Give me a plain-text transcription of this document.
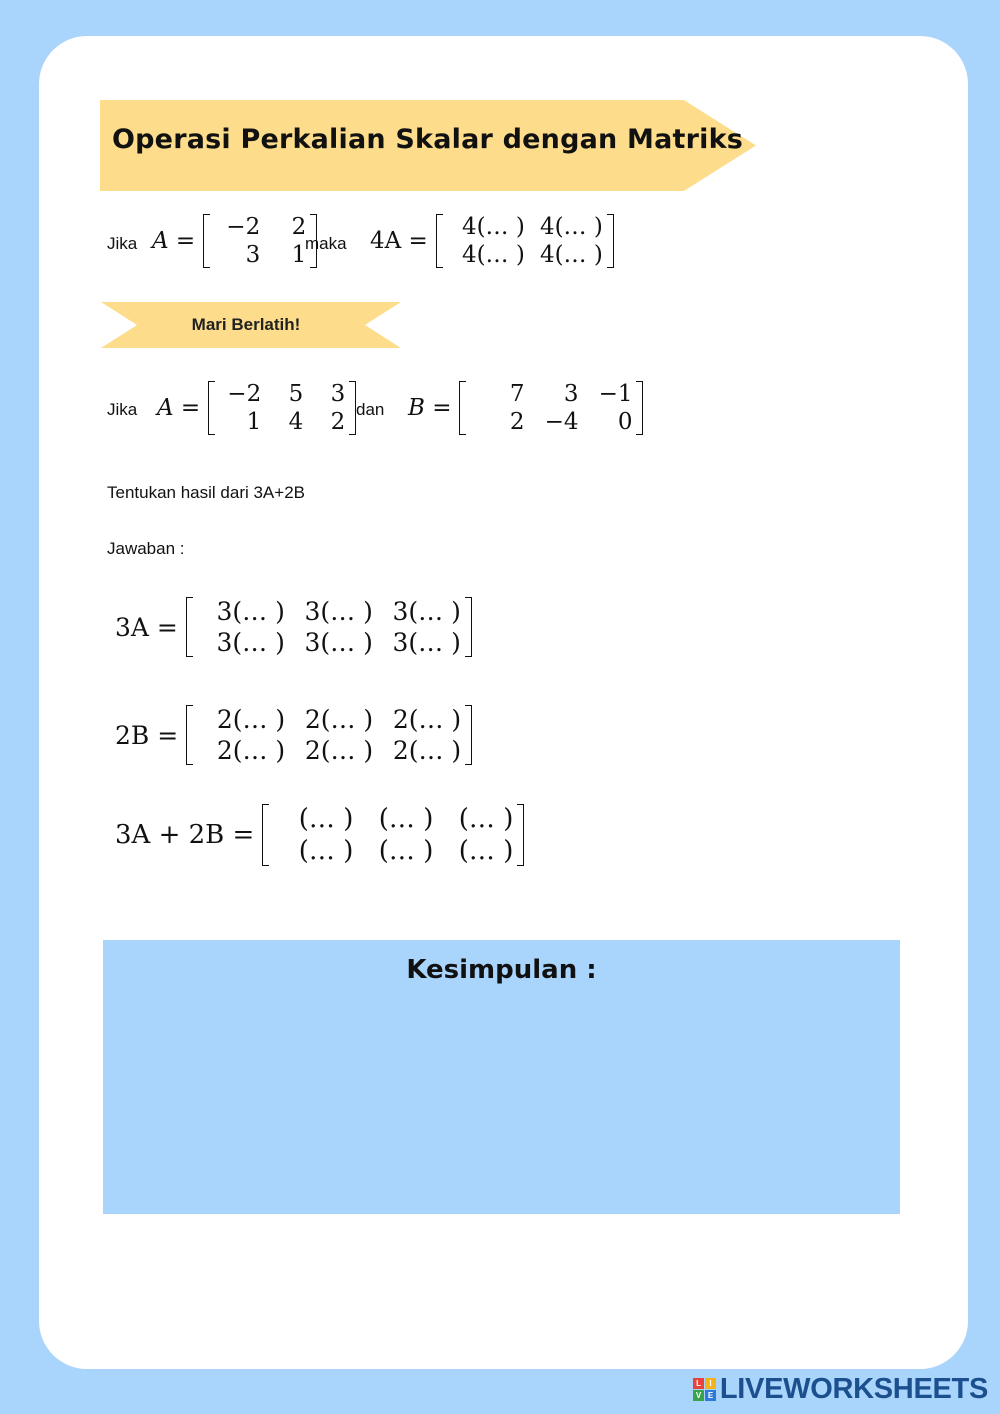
Operasi Perkalian Skalar dengan Matriks
Jika A =
−2	2
3	1
maka 4A =
4(… ) 4(… )
4(… ) 4(… )
Mari Berlatih!
Jika A =
−2	5	3
1	4	2 dan B =
7	3 −1
2 −4	0
Tentukan hasil dari 3A+2B
Jawaban :
3A =
3(… ) 3(… ) 3(… )
3(… ) 3(… ) 3(… )
2B =
2(… ) 2(… ) 2(… )
2(… ) 2(… ) 2(… )
3A + 2B =
(… ) (… ) (… )
(… ) (… ) (… )
Kesimpulan :
L	I
V E LIVEWORKSHEETS
